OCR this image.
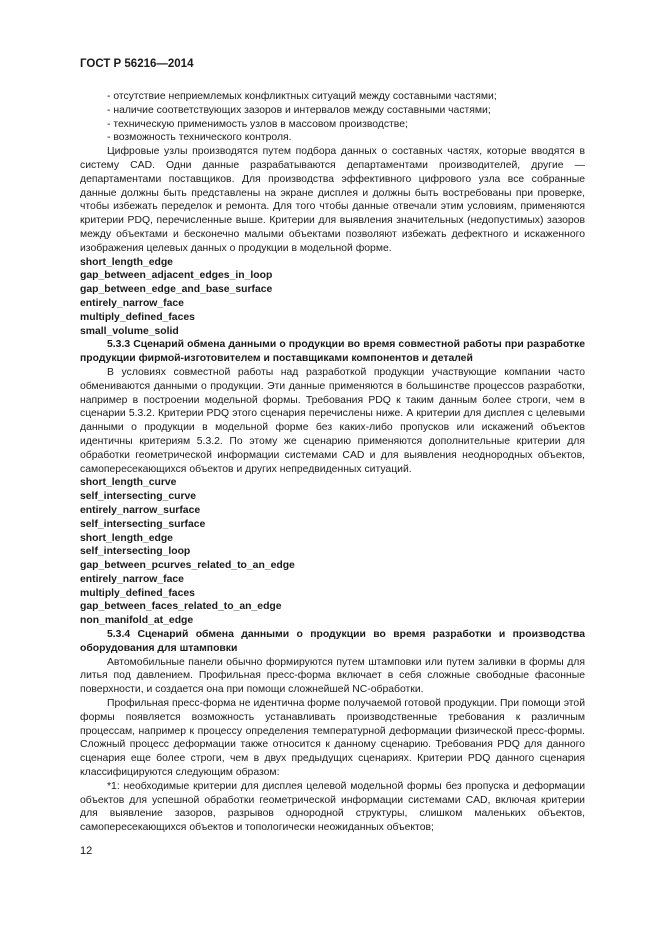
ГОСТ Р 56216—2014

- отсутствие неприемлемых конфликтных ситуаций между составными частями;

- наличие соответствующих зазоров и интервалов между составными частями;

- техническую применимость узлов в массовом производстве;

- возможность технического контроля.

Цифровые узлы производятся путем подбора данных о составных частях, которые вводятся в систему CAD. Одни данные разрабатываются департаментами производителей, другие — департаментами поставщиков. Для производства эффективного цифрового узла все собранные данные должны быть представлены на экране дисплея и должны быть востребованы при проверке, чтобы избежать переделок и ремонта. Для того чтобы данные отвечали этим условиям, применяются критерии PDQ, перечисленные выше. Критерии для выявления значительных (недопустимых) зазоров между объектами и бесконечно малыми объектами позволяют избежать дефектного и искаженного изображения целевых данных о продукции в модельной форме.

short_length_edge

gap_between_adjacent_edges_in_loop

gap_between_edge_and_base_surface

entirely_narrow_face

multiply_defined_faces

small_volume_solid

5.3.3 Сценарий обмена данными о продукции во время совместной работы при разработке продукции фирмой-изготовителем и поставщиками компонентов и деталей

В условиях совместной работы над разработкой продукции участвующие компании часто обмениваются данными о продукции. Эти данные применяются в большинстве процессов разработки, например в построении модельной формы. Требования PDQ к таким данным более строги, чем в сценарии 5.3.2. Критерии PDQ этого сценария перечислены ниже. А критерии для дисплея с целевыми данными о продукции в модельной форме без каких-либо пропусков или искажений объектов идентичны критериям 5.3.2. По этому же сценарию применяются дополнительные критерии для обработки геометрической информации системами CAD и для выявления неоднородных объектов, самопересекающихся объектов и других непредвиденных ситуаций.

short_length_curve

self_intersecting_curve

entirely_narrow_surface

self_intersecting_surface

short_length_edge

self_intersecting_loop

gap_between_pcurves_related_to_an_edge

entirely_narrow_face

multiply_defined_faces

gap_between_faces_related_to_an_edge

non_manifold_at_edge

5.3.4 Сценарий обмена данными о продукции во время разработки и производства оборудования для штамповки

Автомобильные панели обычно формируются путем штамповки или путем заливки в формы для литья под давлением. Профильная пресс-форма включает в себя сложные свободные фасонные поверхности, и создается она при помощи сложнейшей NC-обработки.

Профильная пресс-форма не идентична форме получаемой готовой продукции. При помощи этой формы появляется возможность устанавливать производственные требования к различным процессам, например к процессу определения температурной деформации физической пресс-формы. Сложный процесс деформации также относится к данному сценарию. Требования PDQ для данного сценария еще более строги, чем в двух предыдущих сценариях. Критерии PDQ данного сценария классифицируются следующим образом:

*1: необходимые критерии для дисплея целевой модельной формы без пропуска и деформации объектов для успешной обработки геометрической информации системами CAD, включая критерии для выявление зазоров, разрывов однородной структуры, слишком маленьких объектов, самопересекающихся объектов и топологически неожиданных объектов;

12
